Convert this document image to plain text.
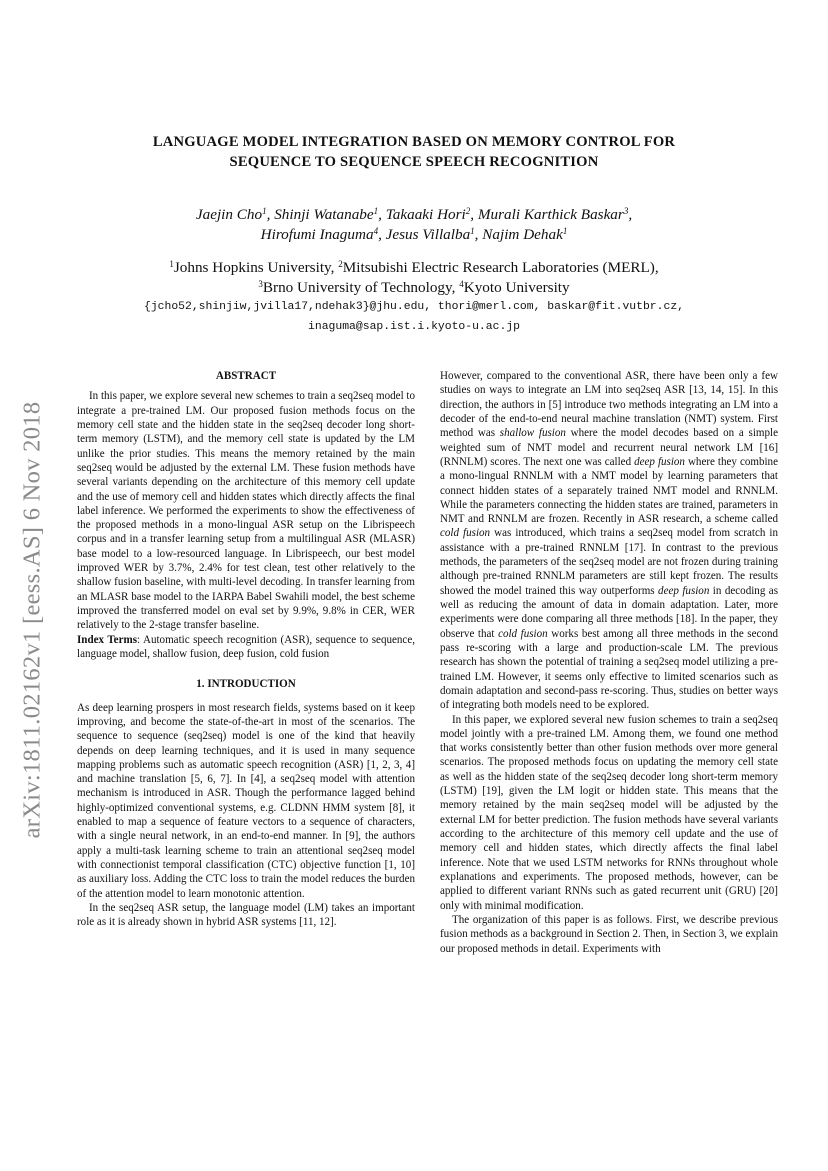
arXiv:1811.02162v1 [eess.AS] 6 Nov 2018
LANGUAGE MODEL INTEGRATION BASED ON MEMORY CONTROL FOR
SEQUENCE TO SEQUENCE SPEECH RECOGNITION
Jaejin Cho$^1$, Shinji Watanabe$^1$, Takaaki Hori$^2$, Murali Karthick Baskar$^3$,
Hirofumi Inaguma$^4$, Jesus Villalba$^1$, Najim Dehak$^1$
$^1$Johns Hopkins University, $^2$Mitsubishi Electric Research Laboratories (MERL),
$^3$Brno University of Technology, $^4$Kyoto University
{jcho52,shinjiw,jvilla17,ndehak3}@jhu.edu, thori@merl.com, baskar@fit.vutbr.cz,
inaguma@sap.ist.i.kyoto-u.ac.jp
ABSTRACT

In this paper, we explore several new schemes to train a seq2seq model to integrate a pre-trained LM. Our proposed fusion methods focus on the memory cell state and the hidden state in the seq2seq decoder long short-term memory (LSTM), and the memory cell state is updated by the LM unlike the prior studies. This means the memory retained by the main seq2seq would be adjusted by the external LM. These fusion methods have several variants depending on the architecture of this memory cell update and the use of memory cell and hidden states which directly affects the final label inference. We performed the experiments to show the effectiveness of the proposed methods in a mono-lingual ASR setup on the Librispeech corpus and in a transfer learning setup from a multilingual ASR (MLASR) base model to a low-resourced language. In Librispeech, our best model improved WER by 3.7%, 2.4% for test clean, test other relatively to the shallow fusion baseline, with multi-level decoding. In transfer learning from an MLASR base model to the IARPA Babel Swahili model, the best scheme improved the transferred model on eval set by 9.9%, 9.8% in CER, WER relatively to the 2-stage transfer baseline.

Index Terms: Automatic speech recognition (ASR), sequence to sequence, language model, shallow fusion, deep fusion, cold fusion

1. INTRODUCTION

As deep learning prospers in most research fields, systems based on it keep improving, and become the state-of-the-art in most of the scenarios. The sequence to sequence (seq2seq) model is one of the kind that heavily depends on deep learning techniques, and it is used in many sequence mapping problems such as automatic speech recognition (ASR) [1, 2, 3, 4] and machine translation [5, 6, 7]. In [4], a seq2seq model with attention mechanism is introduced in ASR. Though the performance lagged behind highly-optimized conventional systems, e.g. CLDNN HMM system [8], it enabled to map a sequence of feature vectors to a sequence of characters, with a single neural network, in an end-to-end manner. In [9], the authors apply a multi-task learning scheme to train an attentional seq2seq model with connectionist temporal classification (CTC) objective function [1, 10] as auxiliary loss. Adding the CTC loss to train the model reduces the burden of the attention model to learn monotonic attention.

In the seq2seq ASR setup, the language model (LM) takes an important role as it is already shown in hybrid ASR systems [11, 12].

However, compared to the conventional ASR, there have been only a few studies on ways to integrate an LM into seq2seq ASR [13, 14, 15]. In this direction, the authors in [5] introduce two methods integrating an LM into a decoder of the end-to-end neural machine translation (NMT) system. First method was shallow fusion where the model decodes based on a simple weighted sum of NMT model and recurrent neural network LM [16] (RNNLM) scores. The next one was called deep fusion where they combine a mono-lingual RNNLM with a NMT model by learning parameters that connect hidden states of a separately trained NMT model and RNNLM. While the parameters connecting the hidden states are trained, parameters in NMT and RNNLM are frozen. Recently in ASR research, a scheme called cold fusion was introduced, which trains a seq2seq model from scratch in assistance with a pre-trained RNNLM [17]. In contrast to the previous methods, the parameters of the seq2seq model are not frozen during training although pre-trained RNNLM parameters are still kept frozen. The results showed the model trained this way outperforms deep fusion in decoding as well as reducing the amount of data in domain adaptation. Later, more experiments were done comparing all three methods [18]. In the paper, they observe that cold fusion works best among all three methods in the second pass re-scoring with a large and production-scale LM. The previous research has shown the potential of training a seq2seq model utilizing a pre-trained LM. However, it seems only effective to limited scenarios such as domain adaptation and second-pass re-scoring. Thus, studies on better ways of integrating both models need to be explored.

In this paper, we explored several new fusion schemes to train a seq2seq model jointly with a pre-trained LM. Among them, we found one method that works consistently better than other fusion methods over more general scenarios. The proposed methods focus on updating the memory cell state as well as the hidden state of the seq2seq decoder long short-term memory (LSTM) [19], given the LM logit or hidden state. This means that the memory retained by the main seq2seq model will be adjusted by the external LM for better prediction. The fusion methods have several variants according to the architecture of this memory cell update and the use of memory cell and hidden states, which directly affects the final label inference. Note that we used LSTM networks for RNNs throughout whole explanations and experiments. The proposed methods, however, can be applied to different variant RNNs such as gated recurrent unit (GRU) [20] only with minimal modification.

The organization of this paper is as follows. First, we describe previous fusion methods as a background in Section 2. Then, in Section 3, we explain our proposed methods in detail. Experiments with
